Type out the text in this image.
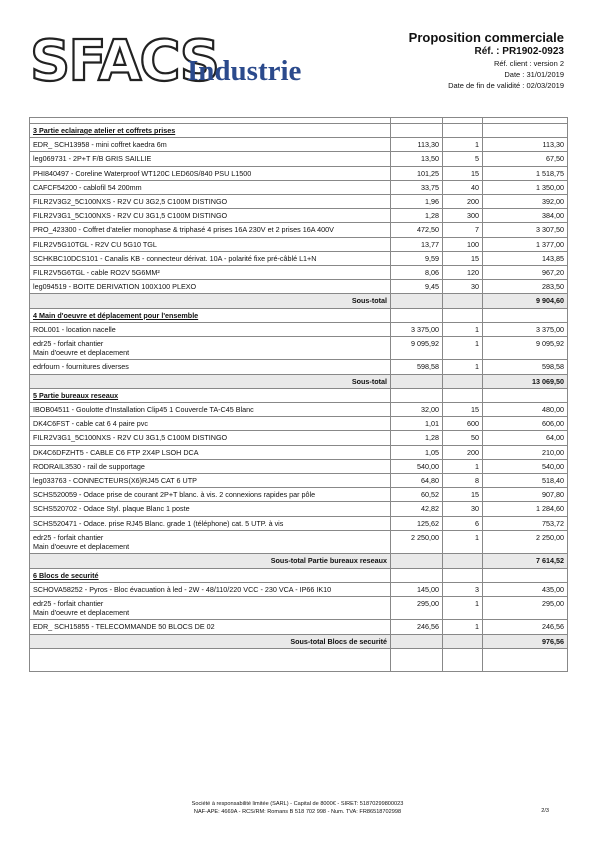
SFACS
Industrie
Proposition commerciale
Réf. : PR1902-0923
Réf. client : version 2
Date : 31/01/2019
Date de fin de validité : 02/03/2019

3 Partie eclairage atelier et coffrets prises			

EDR_ SCH13958 - mini coffret kaedra 6m	113,30	1	113,30

leg069731 - 2P+T F/B GRIS SAILLIE	13,50	5	67,50

PHI840497 - Coreline Waterproof WT120C LED60S/840 PSU L1500	101,25	15	1 518,75

CAFCF54200 - cablofil 54 200mm	33,75	40	1 350,00

FILR2V3G2_5C100NXS - R2V CU 3G2,5 C100M DISTINGO	1,96	200	392,00

FILR2V3G1_5C100NXS - R2V CU 3G1,5 C100M DISTINGO	1,28	300	384,00

PRO_423300 - Coffret d'atelier monophase & triphasé 4 prises 16A 230V et 2 prises 16A 400V	472,50	7	3 307,50

FILR2V5G10TGL - R2V CU 5G10 TGL	13,77	100	1 377,00

SCHKBC10DCS101 - Canalis KB - connecteur dérivat. 10A - polarité fixe pré-câblé L1+N	9,59	15	143,85

FILR2V5G6TGL - cable RO2V 5G6MM²	8,06	120	967,20

leg094519 - BOITE DERIVATION 100X100 PLEXO	9,45	30	283,50
Sous-total			9 904,60
4 Main d'oeuvre et déplacement pour l'ensemble			

ROL001 - location nacelle	3 375,00	1	3 375,00

edr25 - forfait chantier
Main d'oeuvre et deplacement	9 095,92	1	9 095,92

edrfourn - fournitures diverses	598,58	1	598,58
Sous-total			13 069,50
5 Partie bureaux reseaux			

IBOB04511 - Goulotte d'Installation Clip45 1 Couvercle TA-C45 Blanc	32,00	15	480,00

DK4C6FST - cable cat 6 4 paire pvc	1,01	600	606,00

FILR2V3G1_5C100NXS - R2V CU 3G1,5 C100M DISTINGO	1,28	50	64,00

DK4C6DFZHT5 - CABLE C6 FTP 2X4P LSOH DCA	1,05	200	210,00

RODRAIL3530 - rail de supportage	540,00	1	540,00

leg033763 - CONNECTEURS(X6)RJ45 CAT 6 UTP	64,80	8	518,40

SCHS520059 - Odace prise de courant 2P+T blanc. à vis. 2 connexions rapides par pôle	60,52	15	907,80

SCHS520702 - Odace Styl. plaque Blanc 1 poste	42,82	30	1 284,60

SCHS520471 - Odace. prise RJ45 Blanc. grade 1 (téléphone) cat. 5 UTP. à vis	125,62	6	753,72

edr25 - forfait chantier
Main d'oeuvre et deplacement	2 250,00	1	2 250,00
Sous-total Partie bureaux reseaux			7 614,52
6 Blocs de securité			

SCHOVA58252 - Pyros - Bloc évacuation à led - 2W - 48/110/220 VCC - 230 VCA - IP66 IK10	145,00	3	435,00

edr25 - forfait chantier
Main d'oeuvre et deplacement	295,00	1	295,00

EDR_ SCH15855 - TELECOMMANDE 50 BLOCS DE 02	246,56	1	246,56
Sous-total Blocs de securité			976,56

Société à responsabilité limitée (SARL) - Capital de 8000€ - SIRET: 51870299800023
NAF-APE: 4669A - RCS/RM: Romans B 518 702 998 - Num. TVA: FR86518702998	2/3
